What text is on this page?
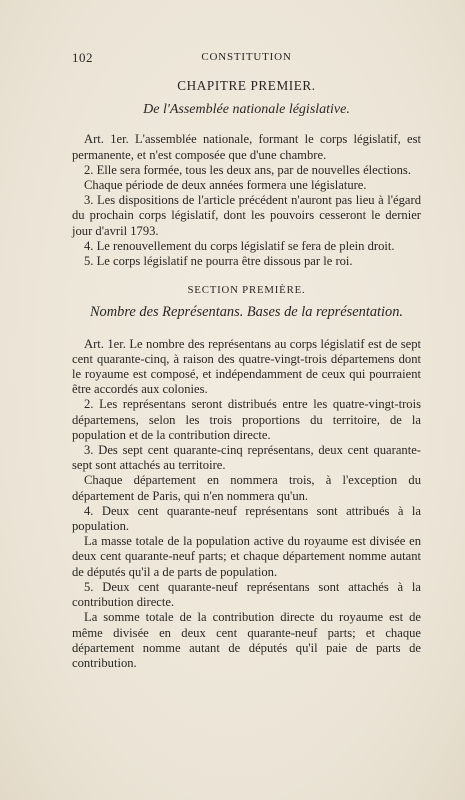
102	CONSTITUTION
CHAPITRE PREMIER.
De l'Assemblée nationale législative.

Art. 1er. L'assemblée nationale, formant le corps législatif, est permanente, et n'est composée que d'une chambre.

2. Elle sera formée, tous les deux ans, par de nouvelles élections.

Chaque période de deux années formera une législature.

3. Les dispositions de l'article précédent n'auront pas lieu à l'égard du prochain corps législatif, dont les pouvoirs cesseront le dernier jour d'avril 1793.

4. Le renouvellement du corps législatif se fera de plein droit.

5. Le corps législatif ne pourra être dissous par le roi.

SECTION PREMIÈRE.
Nombre des Représentans. Bases de la représentation.

Art. 1er. Le nombre des représentans au corps législatif est de sept cent quarante-cinq, à raison des quatre-vingt-trois départemens dont le royaume est composé, et indépendamment de ceux qui pourraient être accordés aux colonies.

2. Les représentans seront distribués entre les quatre-vingt-trois départemens, selon les trois proportions du territoire, de la population et de la contribution directe.

3. Des sept cent quarante-cinq représentans, deux cent quarante-sept sont attachés au territoire.

Chaque département en nommera trois, à l'exception du département de Paris, qui n'en nommera qu'un.

4. Deux cent quarante-neuf représentans sont attribués à la population.

La masse totale de la population active du royaume est divisée en deux cent quarante-neuf parts; et chaque département nomme autant de députés qu'il a de parts de population.

5. Deux cent quarante-neuf représentans sont attachés à la contribution directe.

La somme totale de la contribution directe du royaume est de même divisée en deux cent quarante-neuf parts; et chaque département nomme autant de députés qu'il paie de parts de contribution.
